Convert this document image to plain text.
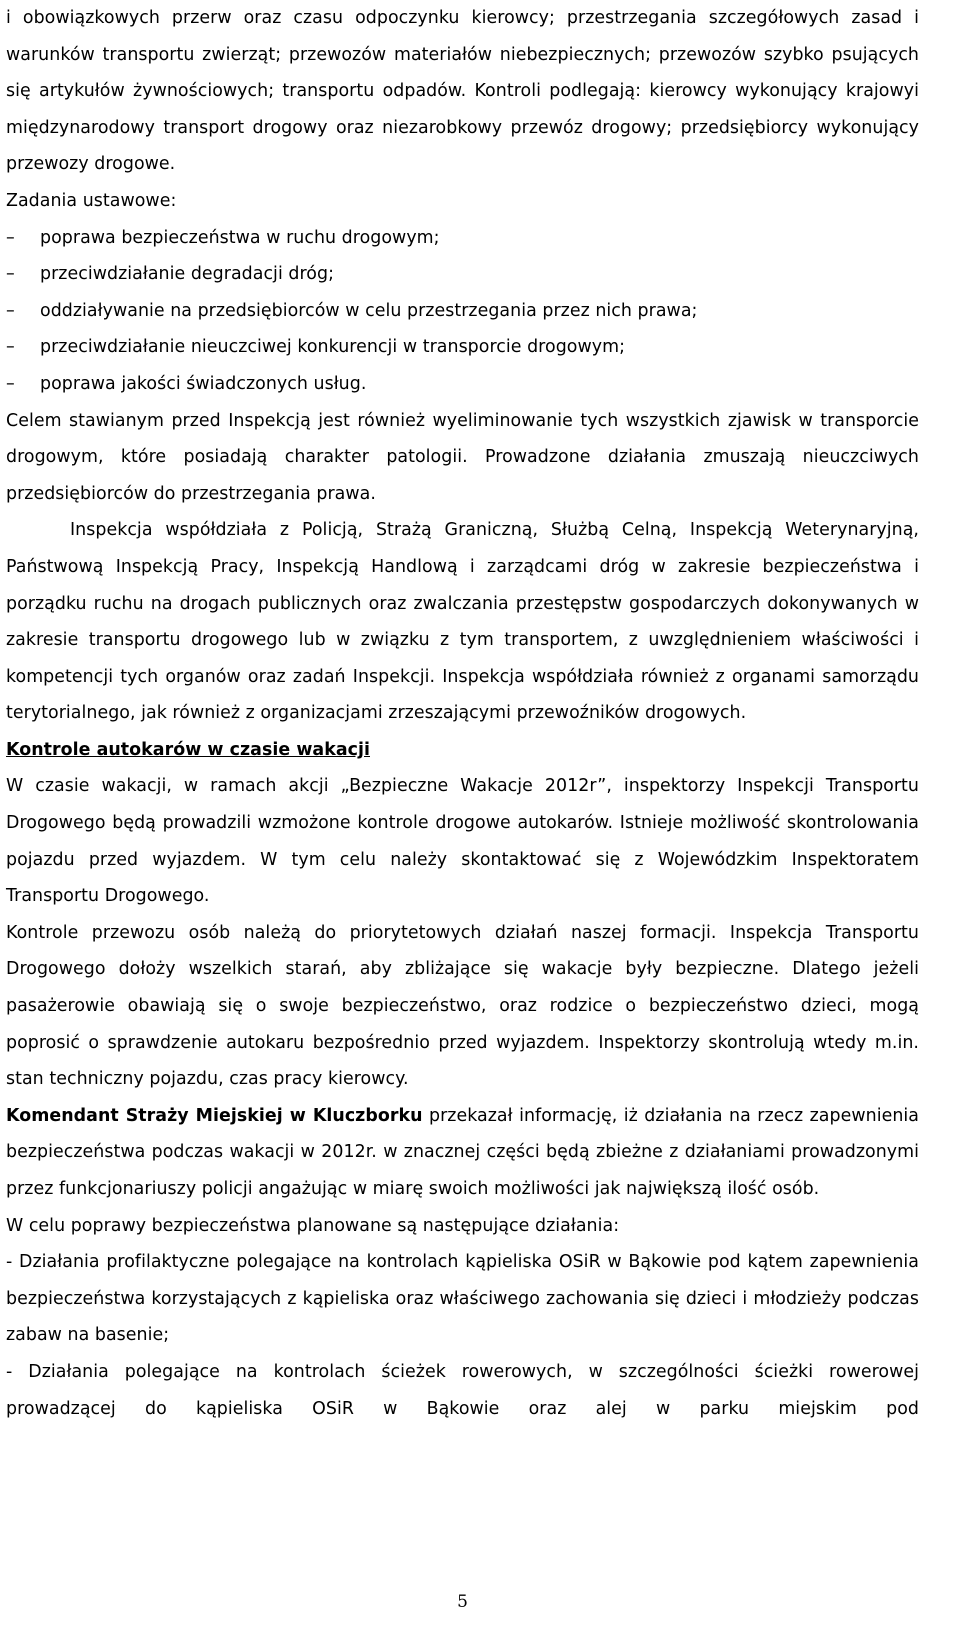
i obowiązkowych przerw oraz czasu odpoczynku kierowcy; przestrzegania szczegółowych zasad i warunków transportu zwierząt; przewozów materiałów niebezpiecznych; przewozów szybko psujących się artykułów żywnościowych; transportu odpadów. Kontroli podlegają: kierowcy wykonujący krajowyi międzynarodowy transport drogowy oraz niezarobkowy przewóz drogowy; przedsiębiorcy wykonujący przewozy drogowe.

Zadania ustawowe:

–	poprawa bezpieczeństwa w ruchu drogowym;
–	przeciwdziałanie degradacji dróg;
–	oddziaływanie na przedsiębiorców w celu przestrzegania przez nich prawa;
–	przeciwdziałanie nieuczciwej konkurencji w transporcie drogowym;
–	poprawa jakości świadczonych usług.

Celem stawianym przed Inspekcją jest również wyeliminowanie tych wszystkich zjawisk w transporcie drogowym, które posiadają charakter patologii. Prowadzone działania zmuszają nieuczciwych przedsiębiorców do przestrzegania prawa.

Inspekcja współdziała z Policją, Strażą Graniczną, Służbą Celną, Inspekcją Weterynaryjną, Państwową Inspekcją Pracy, Inspekcją Handlową i zarządcami dróg w zakresie bezpieczeństwa i porządku ruchu na drogach publicznych oraz zwalczania przestępstw gospodarczych dokonywanych w zakresie transportu drogowego lub w związku z tym transportem, z uwzględnieniem właściwości i kompetencji tych organów oraz zadań Inspekcji. Inspekcja współdziała również z organami samorządu terytorialnego, jak również z organizacjami zrzeszającymi przewoźników drogowych.

Kontrole autokarów w czasie wakacji

W czasie wakacji, w ramach akcji „Bezpieczne Wakacje 2012r”, inspektorzy Inspekcji Transportu Drogowego będą prowadzili wzmożone kontrole drogowe autokarów. Istnieje możliwość skontrolowania pojazdu przed wyjazdem. W tym celu należy skontaktować się z Wojewódzkim Inspektoratem Transportu Drogowego.

Kontrole przewozu osób należą do priorytetowych działań naszej formacji. Inspekcja Transportu Drogowego dołoży wszelkich starań, aby zbliżające się wakacje były bezpieczne. Dlatego jeżeli pasażerowie obawiają się o swoje bezpieczeństwo, oraz rodzice o bezpieczeństwo dzieci, mogą poprosić o sprawdzenie autokaru bezpośrednio przed wyjazdem. Inspektorzy skontrolują wtedy m.in. stan techniczny pojazdu, czas pracy kierowcy.

Komendant Straży Miejskiej w Kluczborku przekazał informację, iż działania na rzecz zapewnienia bezpieczeństwa podczas wakacji w 2012r. w znacznej części będą zbieżne z działaniami prowadzonymi przez funkcjonariuszy policji angażując w miarę swoich możliwości jak największą ilość osób.

W celu poprawy bezpieczeństwa planowane są następujące działania:

- Działania profilaktyczne polegające na kontrolach kąpieliska OSiR w Bąkowie pod kątem zapewnienia bezpieczeństwa korzystających z kąpieliska oraz właściwego zachowania się dzieci i młodzieży podczas zabaw na basenie;

- Działania polegające na kontrolach ścieżek rowerowych, w szczególności ścieżki rowerowej prowadzącej do kąpieliska OSiR w Bąkowie oraz alej w parku miejskim pod

5
